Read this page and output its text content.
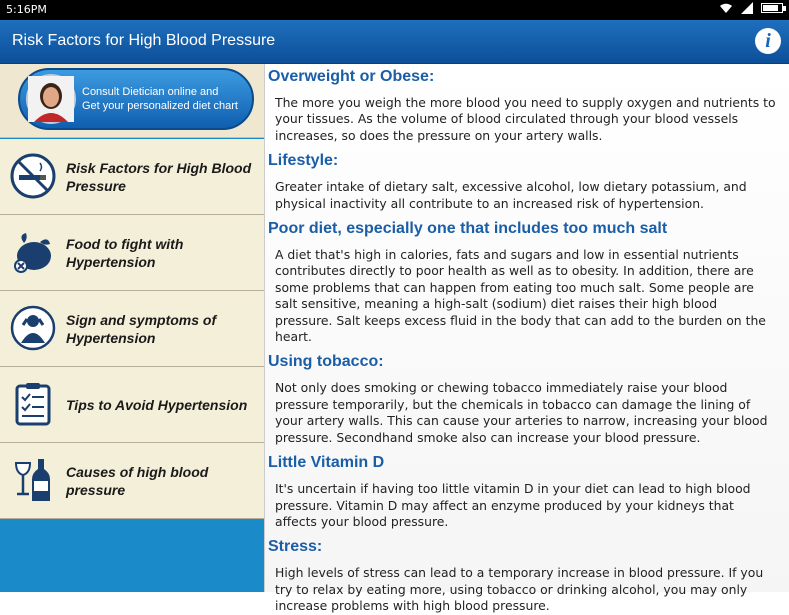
5:16PM
Risk Factors for High Blood Pressure	i
Consult Dietician online and
Get your personalized diet chart
Risk Factors for High Blood Pressure
Food to fight with Hypertension
Sign and symptoms of Hypertension
Tips to Avoid Hypertension
Causes of high blood pressure
Overweight or Obese:

The more you weigh the more blood you need to supply oxygen and nutrients to your tissues. As the volume of blood circulated through your blood vessels increases, so does the pressure on your artery walls.

Lifestyle:

Greater intake of dietary salt, excessive alcohol, low dietary potassium, and physical inactivity all contribute to an increased risk of hypertension.

Poor diet, especially one that includes too much salt

A diet that's high in calories, fats and sugars and low in essential nutrients contributes directly to poor health as well as to obesity. In addition, there are some problems that can happen from eating too much salt. Some people are salt sensitive, meaning a high-salt (sodium) diet raises their high blood pressure. Salt keeps excess fluid in the body that can add to the burden on the heart.

Using tobacco:

Not only does smoking or chewing tobacco immediately raise your blood pressure temporarily, but the chemicals in tobacco can damage the lining of your artery walls. This can cause your arteries to narrow, increasing your blood pressure. Secondhand smoke also can increase your blood pressure.

Little Vitamin D

It's uncertain if having too little vitamin D in your diet can lead to high blood pressure. Vitamin D may affect an enzyme produced by your kidneys that affects your blood pressure.

Stress:

High levels of stress can lead to a temporary increase in blood pressure. If you try to relax by eating more, using tobacco or drinking alcohol, you may only increase problems with high blood pressure.
